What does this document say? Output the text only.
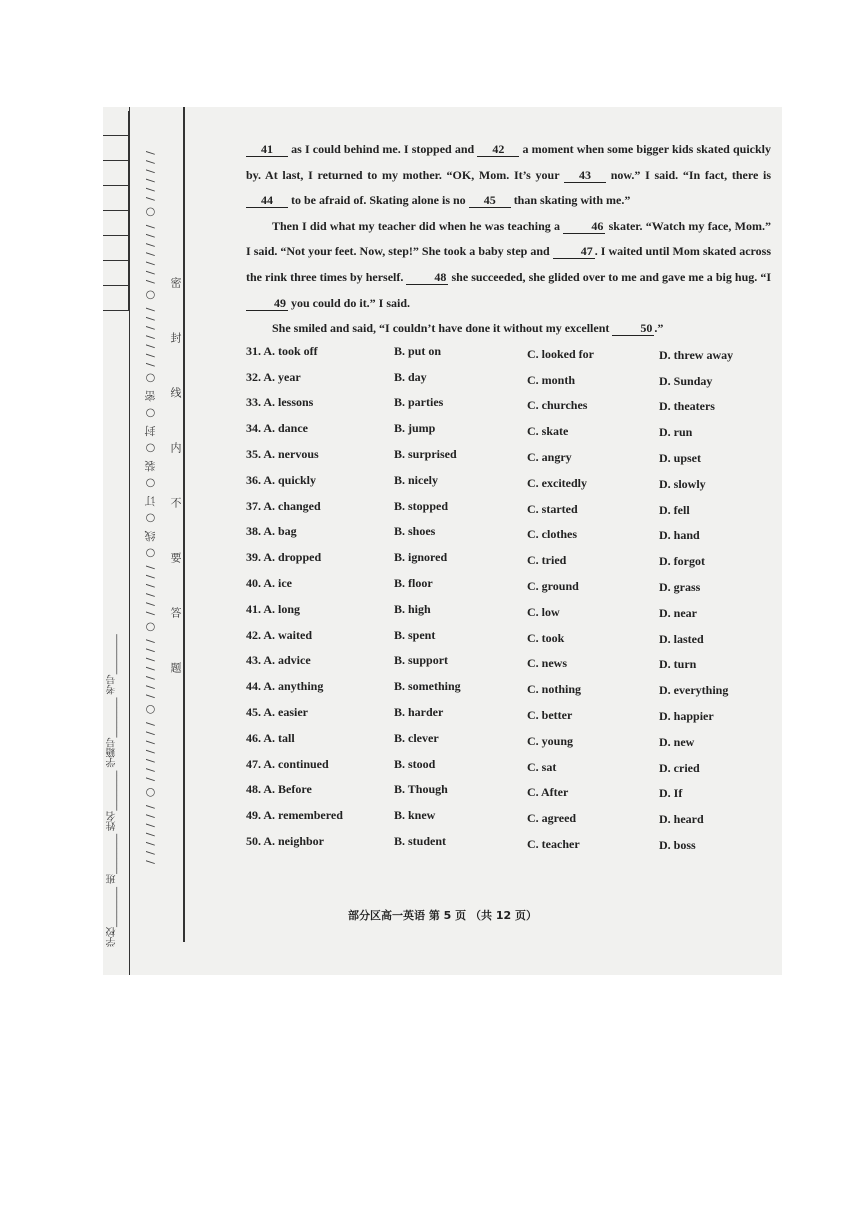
学校________ 班________ 姓名________ 学籍号________ 考号________	/ / / / / / / ○ / / / / / / / ○ / / / / / / / ○ / / / / / / ○ 线 ○ 订 ○ 装 ○ 封 ○ 密 ○ / / / / / / / ○ / / / / / / / ○ / / / / / /	密封线内不要答题

41 as I could behind me. I stopped and 42 a moment when some bigger kids skated quickly by. At last, I returned to my mother. “OK, Mom. It’s your 43 now.” I said. “In fact, there is 44 to be afraid of. Skating alone is no 45 than skating with me.”

Then I did what my teacher did when he was teaching a 46 skater. “Watch my face, Mom.” I said. “Not your feet. Now, step!” She took a baby step and 47 . I waited until Mom skated across the rink three times by herself. 48 she succeeded, she glided over to me and gave me a big hug. “I 49 you could do it.” I said.

She smiled and said, “I couldn’t have done it without my excellent 50 .”

31. A. took off	B. put on	C. looked for	D. threw away
32. A. year	B. day	C. month	D. Sunday
33. A. lessons	B. parties	C. churches	D. theaters
34. A. dance	B. jump	C. skate	D. run
35. A. nervous	B. surprised	C. angry	D. upset
36. A. quickly	B. nicely	C. excitedly	D. slowly
37. A. changed	B. stopped	C. started	D. fell
38. A. bag	B. shoes	C. clothes	D. hand
39. A. dropped	B. ignored	C. tried	D. forgot
40. A. ice	B. floor	C. ground	D. grass
41. A. long	B. high	C. low	D. near
42. A. waited	B. spent	C. took	D. lasted
43. A. advice	B. support	C. news	D. turn
44. A. anything	B. something	C. nothing	D. everything
45. A. easier	B. harder	C. better	D. happier
46. A. tall	B. clever	C. young	D. new
47. A. continued	B. stood	C. sat	D. cried
48. A. Before	B. Though	C. After	D. If
49. A. remembered	B. knew	C. agreed	D. heard
50. A. neighbor	B. student	C. teacher	D. boss
部分区高一英语 第 5 页 （共 12 页）
